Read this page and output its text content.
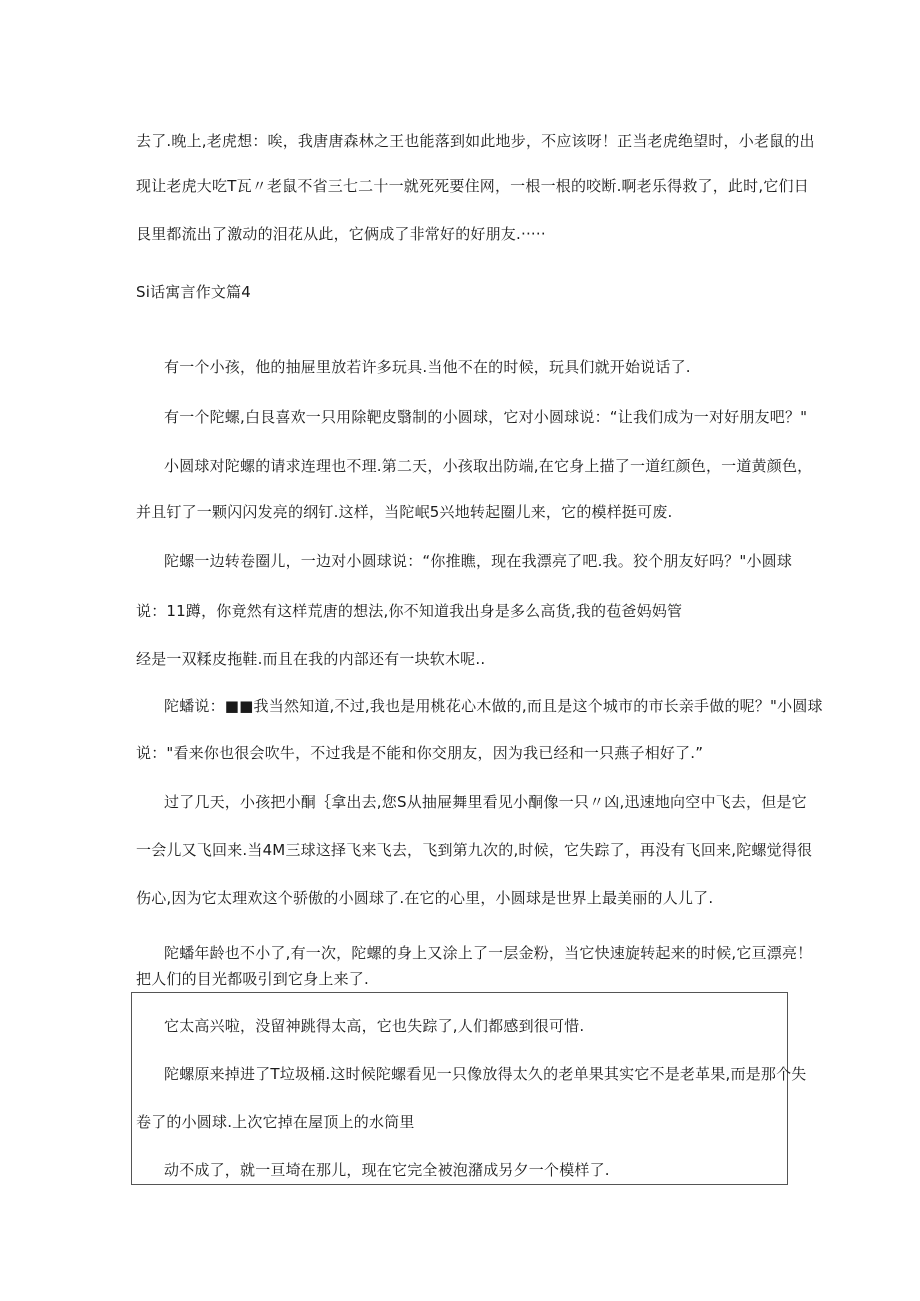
去了.晚上,老虎想：唉，我唐唐森林之王也能落到如此地步，不应该呀！正当老虎绝望时，小老鼠的出
现让老虎大吃T瓦〃老鼠不省三七二十一就死死要住网，一根一根的咬断.啊老乐得救了，此时,它们日
艮里都流出了激动的泪花从此，它俩成了非常好的好朋友.·····
Si话寓言作文篇4
有一个小孩，他的抽屉里放若许多玩具.当他不在的时候，玩具们就开始说话了.
有一个陀螺,白艮喜欢一只用除靶皮翳制的小圆球，它对小圆球说：“让我们成为一对好朋友吧？"
小圆球对陀螺的请求连理也不理.第二天，小孩取出防端,在它身上描了一道红颜色，一道黄颜色，
并且钉了一颗闪闪发亮的纲钉.这样，当陀岷5兴地转起圈儿来，它的模样挺可废.
陀螺一边转卷圈儿，一边对小圆球说：“你推瞧，现在我漂亮了吧.我。狡个朋友好吗？"小圆球
说：11蹲，你竟然有这样荒唐的想法,你不知道我出身是多么高货,我的苞爸妈妈管
经是一双糅皮拖鞋.而且在我的内部还有一块软木呢..
陀蟠说：■■我当然知道,不过,我也是用桃花心木做的,而且是这个城市的市长亲手做的呢？"小圆球
说："看来你也很会吹牛，不过我是不能和你交朋友，因为我已经和一只燕子相好了.”
过了几天，小孩把小酮｛拿出去,您S从抽屉舞里看见小酮像一只〃凶,迅速地向空中飞去，但是它
一会儿又飞回来.当4M三球这择飞来飞去，飞到第九次的,时候，它失踪了，再没有飞回来,陀螺觉得很
伤心,因为它太理欢这个骄傲的小圆球了.在它的心里，小圆球是世界上最美丽的人儿了.
陀蟠年龄也不小了,有一次，陀螺的身上又涂上了一层金粉，当它快速旋转起来的时候,它亘漂亮！
把人们的目光都吸引到它身上来了.
它太高兴啦，没留神跳得太高，它也失踪了,人们都感到很可惜.
陀螺原来掉进了T垃圾桶.这时候陀螺看见一只像放得太久的老单果其实它不是老革果,而是那个失
卷了的小圆球.上次它掉在屋顶上的水筒里
动不成了，就一亘埼在那儿，现在它完全被泡潴成另夕一个模样了.
